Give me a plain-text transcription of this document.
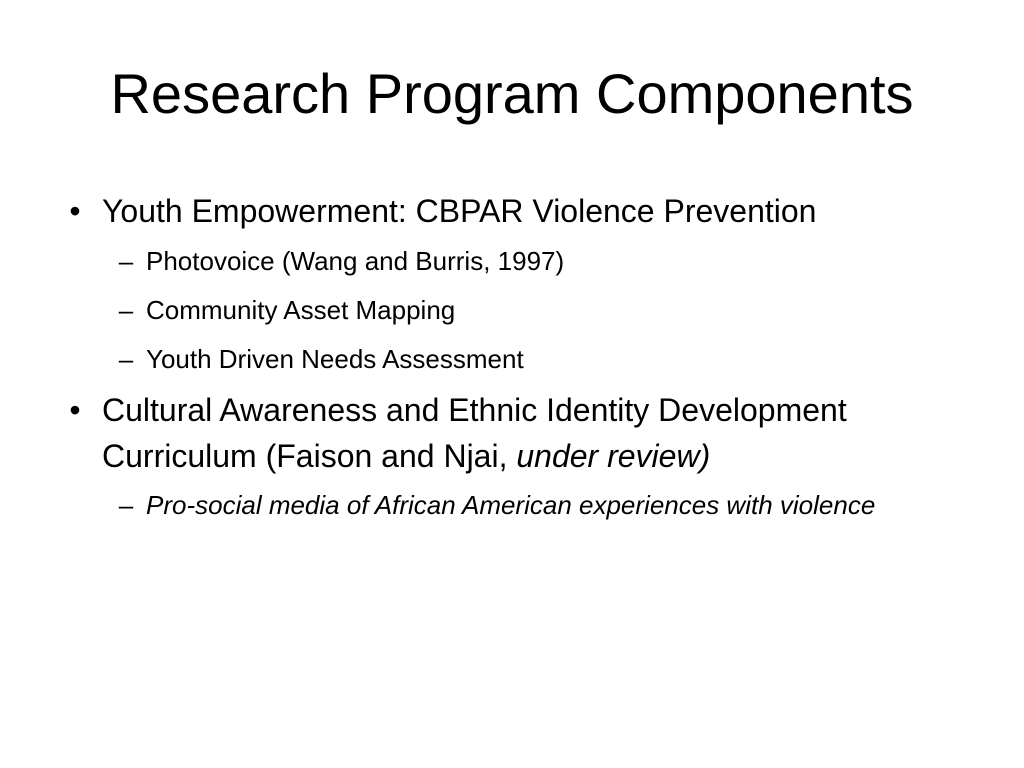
Research Program Components
• Youth Empowerment: CBPAR Violence Prevention
– Photovoice (Wang and Burris, 1997)
– Community Asset Mapping
– Youth Driven Needs Assessment
• Cultural Awareness and Ethnic Identity Development Curriculum (Faison and Njai, under review)
– Pro-social media of African American experiences with violence
